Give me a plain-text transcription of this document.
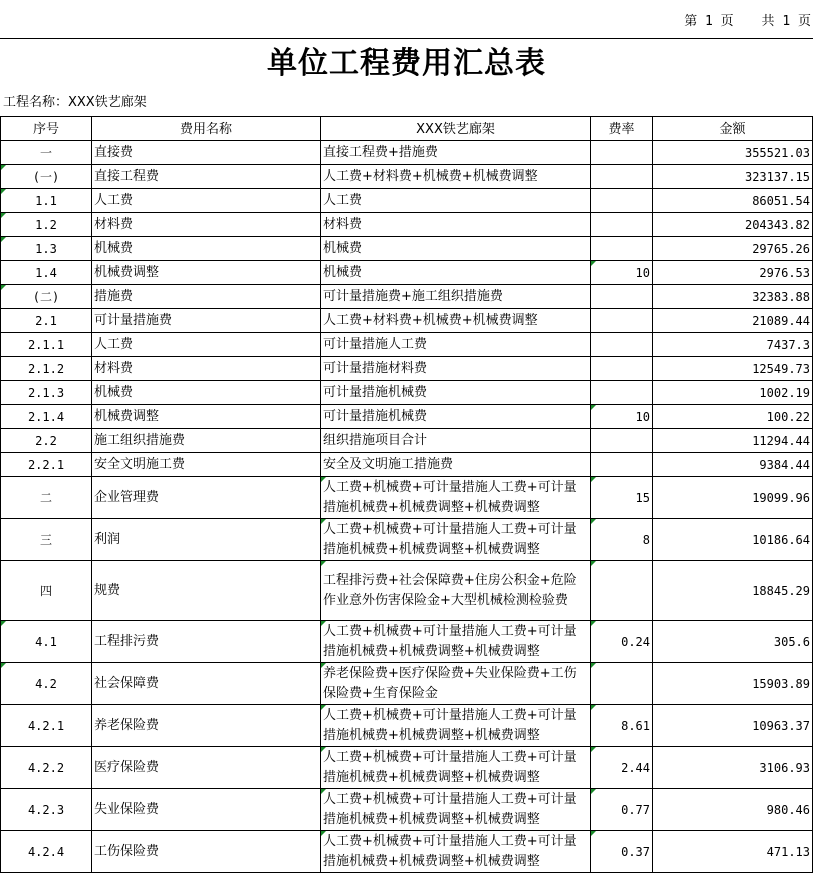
第 1 页 共 1 页
单位工程费用汇总表
工程名称：XXX铁艺廊架
序号	费用名称	XXX铁艺廊架	费率	金额
一	直接费	直接工程费+措施费		355521.03
(一)	直接工程费	人工费+材料费+机械费+机械费调整		323137.15
1.1	人工费	人工费		86051.54
1.2	材料费	材料费		204343.82
1.3	机械费	机械费		29765.26
1.4	机械费调整	机械费	10	2976.53
(二)	措施费	可计量措施费+施工组织措施费		32383.88
2.1	可计量措施费	人工费+材料费+机械费+机械费调整		21089.44
2.1.1	人工费	可计量措施人工费		7437.3
2.1.2	材料费	可计量措施材料费		12549.73
2.1.3	机械费	可计量措施机械费		1002.19
2.1.4	机械费调整	可计量措施机械费	10	100.22
2.2	施工组织措施费	组织措施项目合计		11294.44
2.2.1	安全文明施工费	安全及文明施工措施费		9384.44
二	企业管理费	人工费+机械费+可计量措施人工费+可计量措施机械费+机械费调整+机械费调整	15	19099.96
三	利润	人工费+机械费+可计量措施人工费+可计量措施机械费+机械费调整+机械费调整	8	10186.64
四	规费	工程排污费+社会保障费+住房公积金+危险作业意外伤害保险金+大型机械检测检验费		18845.29
4.1	工程排污费	人工费+机械费+可计量措施人工费+可计量措施机械费+机械费调整+机械费调整	0.24	305.6
4.2	社会保障费	养老保险费+医疗保险费+失业保险费+工伤保险费+生育保险金		15903.89
4.2.1	养老保险费	人工费+机械费+可计量措施人工费+可计量措施机械费+机械费调整+机械费调整	8.61	10963.37
4.2.2	医疗保险费	人工费+机械费+可计量措施人工费+可计量措施机械费+机械费调整+机械费调整	2.44	3106.93
4.2.3	失业保险费	人工费+机械费+可计量措施人工费+可计量措施机械费+机械费调整+机械费调整	0.77	980.46
4.2.4	工伤保险费	人工费+机械费+可计量措施人工费+可计量措施机械费+机械费调整+机械费调整	0.37	471.13
